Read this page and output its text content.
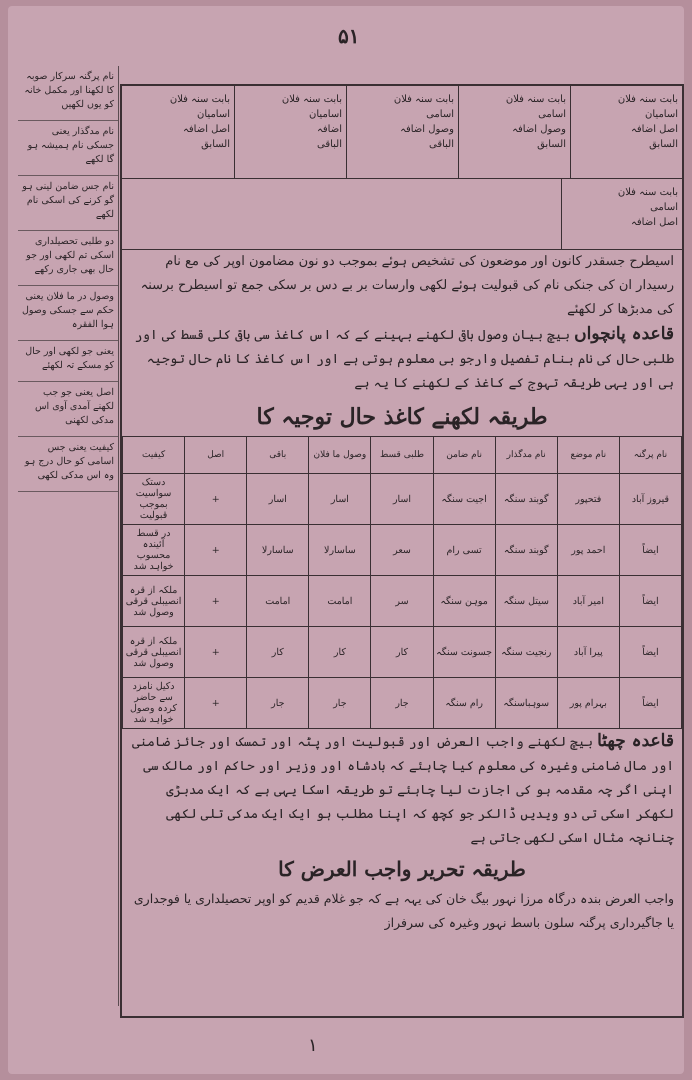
۵۱
نام پرگنہ سرکار صوبہ کا لکھنا اور مکمل خانہ کو یوں لکھیں
نام مدگذار یعنی جسکی نام ہمیشہ ہو گا لکھے
نام جس ضامن لینی ہو گو کرنے کی اسکی نام لکھے
دو طلبی تحصیلداری اسکی تم لکھی اور جو حال بھی جاری رکھے
وصول در ما فلان یعنی حکم سے جسکی وصول ہوا الفقرہ
یعنی جو لکھی اور حال کو مسکے تہ لکھئے
اصل یعنی جو جب لکھنے آمدی آوی اس مدکی لکھنی
کیفیت یعنی جس اسامی کو حال درج ہو وہ اس مدکی لکھی
بابت سنہ فلان
اسامیان
اصل اضافہ
السابق
بابت سنہ فلان
اسامیان
اضافہ
الباقی
بابت سنہ فلان
اسامی
وصول اضافہ
الباقی
بابت سنہ فلان
اسامی
وصول اضافہ
السابق
بابت سنہ فلان
اسامیان
اصل اضافہ
السابق
بابت سنہ فلان
اسامی
اصل اضافہ

اسیطرح جسقدر کانون اور موضعون کی تشخیص ہوئے بموجب دو نون مضامون اوپر کی مع نام رسیدار ان کی جنکی نام کی قبولیت ہوئے لکھی وارسات بر بے دس بر سکی جمع تو اسیطرح برسنہ کی مدبڑھا کر لکھئے

قاعدہ پانچواں بیچ بیان وصول باقی لکھنے بہینے کے کہ اس کاغذ سی باقی کلی قسط کی اور طلبی حال کی نام بنام تفصیل وارجو بی معلوم ہوتی ہے اور اس کاغذ کا نام حال توجیہ ہی اور یہی طریقہ تہوج کے کاغذ کے لکھنے کا یہ ہے

طریقہ لکھنے کاغذ حال توجیہ کا
نام پرگنہ	نام موضع	نام مدگذار	نام ضامن	طلبی قسط	وصول ما فلان	باقی	اصل	کیفیت
قیروز آباد	فتحپور	گوبند سنگہ	اجیت سنگہ	اسار	اسار	اسار	+	دستک سواسیت بموجب قبولیت
ایضاً	احمد پور	گوبند سنگہ	تسی رام	سعر	ساسارلا	ساسارلا	+	در قسط آئیندہ محسوب خواہد شد
ایضاً	امیر آباد	سیتل سنگہ	موہن سنگہ	سر	امامت	امامت	+	ملکہ از قرہ انصیبلی قرقی وصول شد
ایضاً	پیرا آباد	رنجیت سنگہ	جسونت سنگہ	کار	کار	کار	+	ملکہ از قرہ انصیبلی قرقی وصول شد
ایضاً	بہرام پور	سوہباسنگہ	رام سنگہ	جار	جار	جار	+	دکیل نامزد سے حاضر کردہ وصول خواہد شد

قاعدہ چھٹا بیچ لکھنے واجب العرض اور قبولیت اور پٹہ اور تمسک اور جائز ضامنی اور مال ضامنی وغیرہ کی معلوم کیا چاہئے کہ بادشاہ اور وزیر اور حاکم اور مالک سی اپنی اگر چہ مقدمہ ہو کی اجازت لیا چاہئے تو طریقہ اسکا یہی ہے کہ ایک مدبڑی لکھکر اسکی تی دو ویدیں ڈالکر جو کچھ کہ اپنا مطلب ہو ایک ایک مدکی تلی لکھی چنانچہ مثال اسکی لکھی جاتی ہے

طریقہ تحریر واجب العرض کا

واجب العرض بندہ درگاہ مرزا نہور بیگ خان کی یہہ ہے کہ جو غلام قدیم کو اوپر تحصیلداری یا فوجداری یا جاگیرداری پرگنہ سلون باسط نہور وغیرہ کی سرفراز

۱
